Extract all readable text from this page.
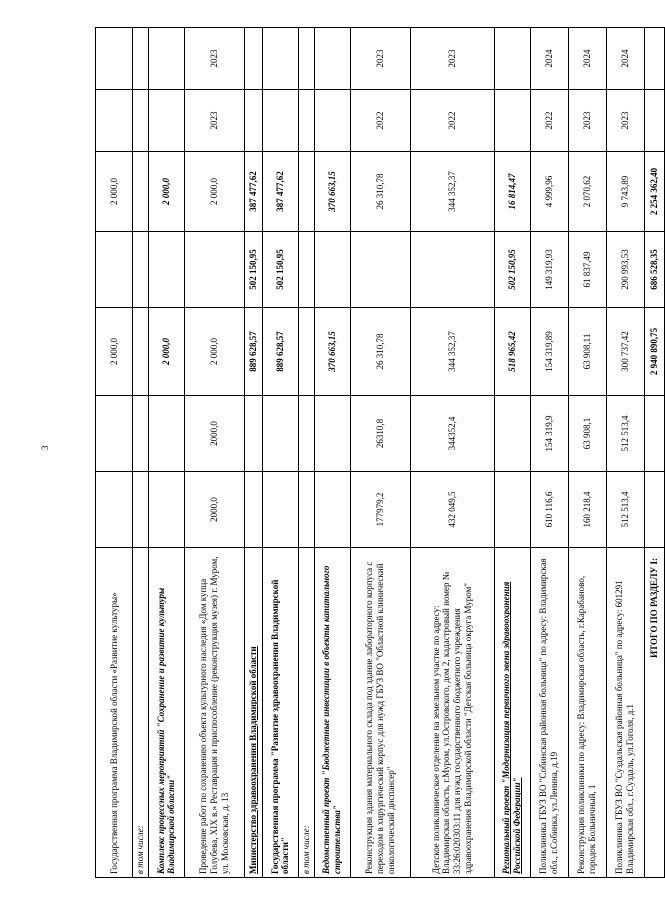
3
Государственная программа Владимирской области «Развитие культуры»			2 000,0		2 000,0		
в том числе:							
Комплекс процессных мероприятий "Сохранение и развитие культуры Владимирской области"			2 000,0		2 000,0		
Проведение работ по сохранению объекта культурного наследия «Дом купца Голубева, XIX в.» Реставрация и приспособление (реконструкция музея) г. Муром, ул. Московская, д. 13	2000,0	2000,0	2 000,0		2 000,0	2023	2023
Министерство здравоохранения Владимирской области			889 628,57	502 150,95	387 477,62		
Государственная программа "Развитие здравоохранения Владимирской области"			889 628,57	502 150,95	387 477,62		
в том числе:							
Ведомственный проект "Бюджетные инвестиции в объекты капитального строительства"			370 663,15		370 663,15		
Реконструкция здания материального склада под здание лабораторного корпуса с переходом в хирургический корпус для нужд ГБУЗ ВО "Областной клинический онкологический диспансер"	177979,2	26310,8	26 310,78		26 310,78	2022	2023
Детское поликлиническое отделение на земельном участке по адресу: Владимирская область, г.Муром, ул.Островского, дом 2, кадастровый номер № 33:26:020303:11 для нужд государственного бюджетного учреждения здравоохранения Владимирской области "Детская больница округа Муром"	432 049,5	344352,4	344 352,37		344 352,37	2022	2023
Региональный проект "Модернизация первичного звена здравоохранения Российской Федерации"			518 965,42	502 150,95	16 814,47		
Поликлиника ГБУЗ ВО "Собинская районная больница" по адресу: Владимирская обл., г.Собинка, ул.Ленина, д.19	610 116,6	154 319,9	154 319,89	149 319,93	4 999,96	2022	2024
Реконструкция поликлиники по адресу: Владимирская область, г.Карабаново, городок Больничный, 1	160 218,4	63 908,1	63 908,11	61 837,49	2 070,62	2023	2024
Поликлиника ГБУЗ ВО "Суздальская районная больница" по адресу: 601291 Владимирская обл., г.Суздаль, ул.Гоголя, д.1	512 513,4	512 513,4	300 737,42	290 993,53	9 743,89	2023	2024
ИТОГО ПО РАЗДЕЛУ I:			2 940 890,75	686 528,35	2 254 362,40		
